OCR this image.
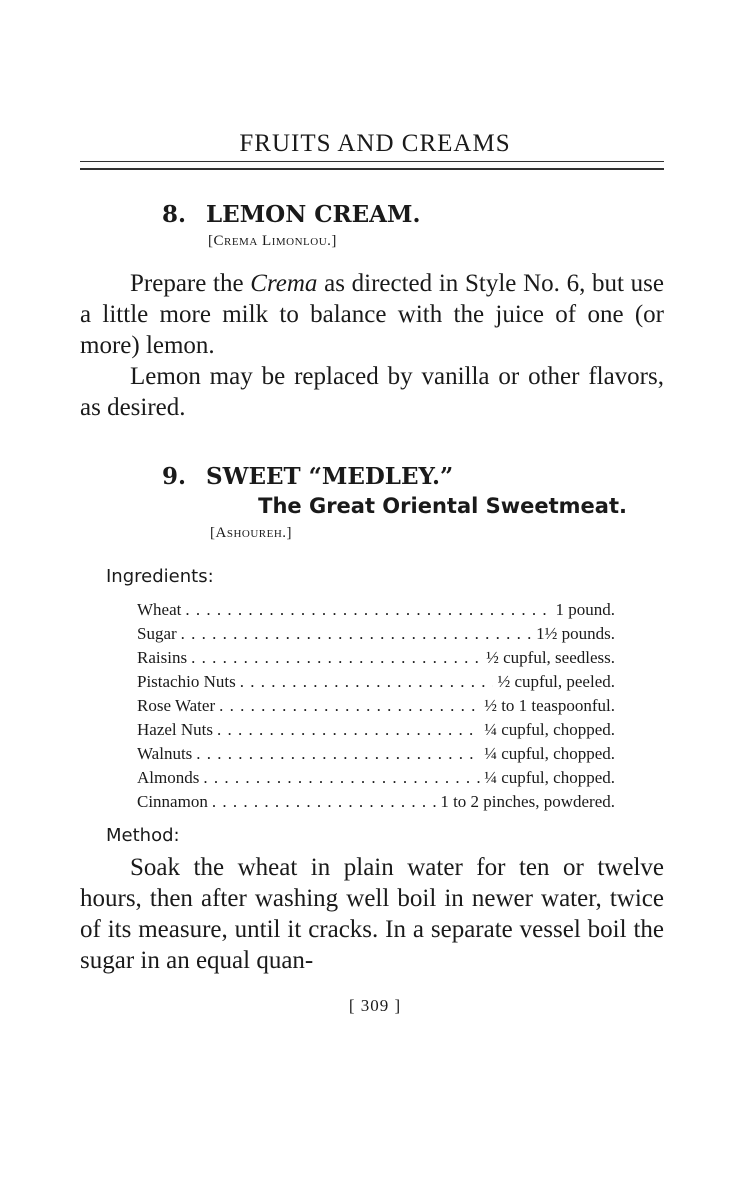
FRUITS AND CREAMS
8. LEMON CREAM.
[Crema Limonlou.]

Prepare the Crema as directed in Style No. 6, but use a little more milk to balance with the juice of one (or more) lemon.

Lemon may be replaced by vanilla or other flavors, as desired.

9. SWEET “MEDLEY.”
The Great Oriental Sweetmeat.
[Ashoureh.]
Ingredients:
Wheat . . .	1 pound.
Sugar . . .	1½ pounds.
Raisins . . .	½ cupful, seedless.
Pistachio Nuts . . .	½ cupful, peeled.
Rose Water . . .	½ to 1 teaspoonful.
Hazel Nuts . . .	¼ cupful, chopped.
Walnuts . . .	¼ cupful, chopped.
Almonds . . .	¼ cupful, chopped.
Cinnamon . . .	1 to 2 pinches, powdered.
Method:

Soak the wheat in plain water for ten or twelve hours, then after washing well boil in newer water, twice of its measure, until it cracks. In a separate vessel boil the sugar in an equal quan-

[ 309 ]
